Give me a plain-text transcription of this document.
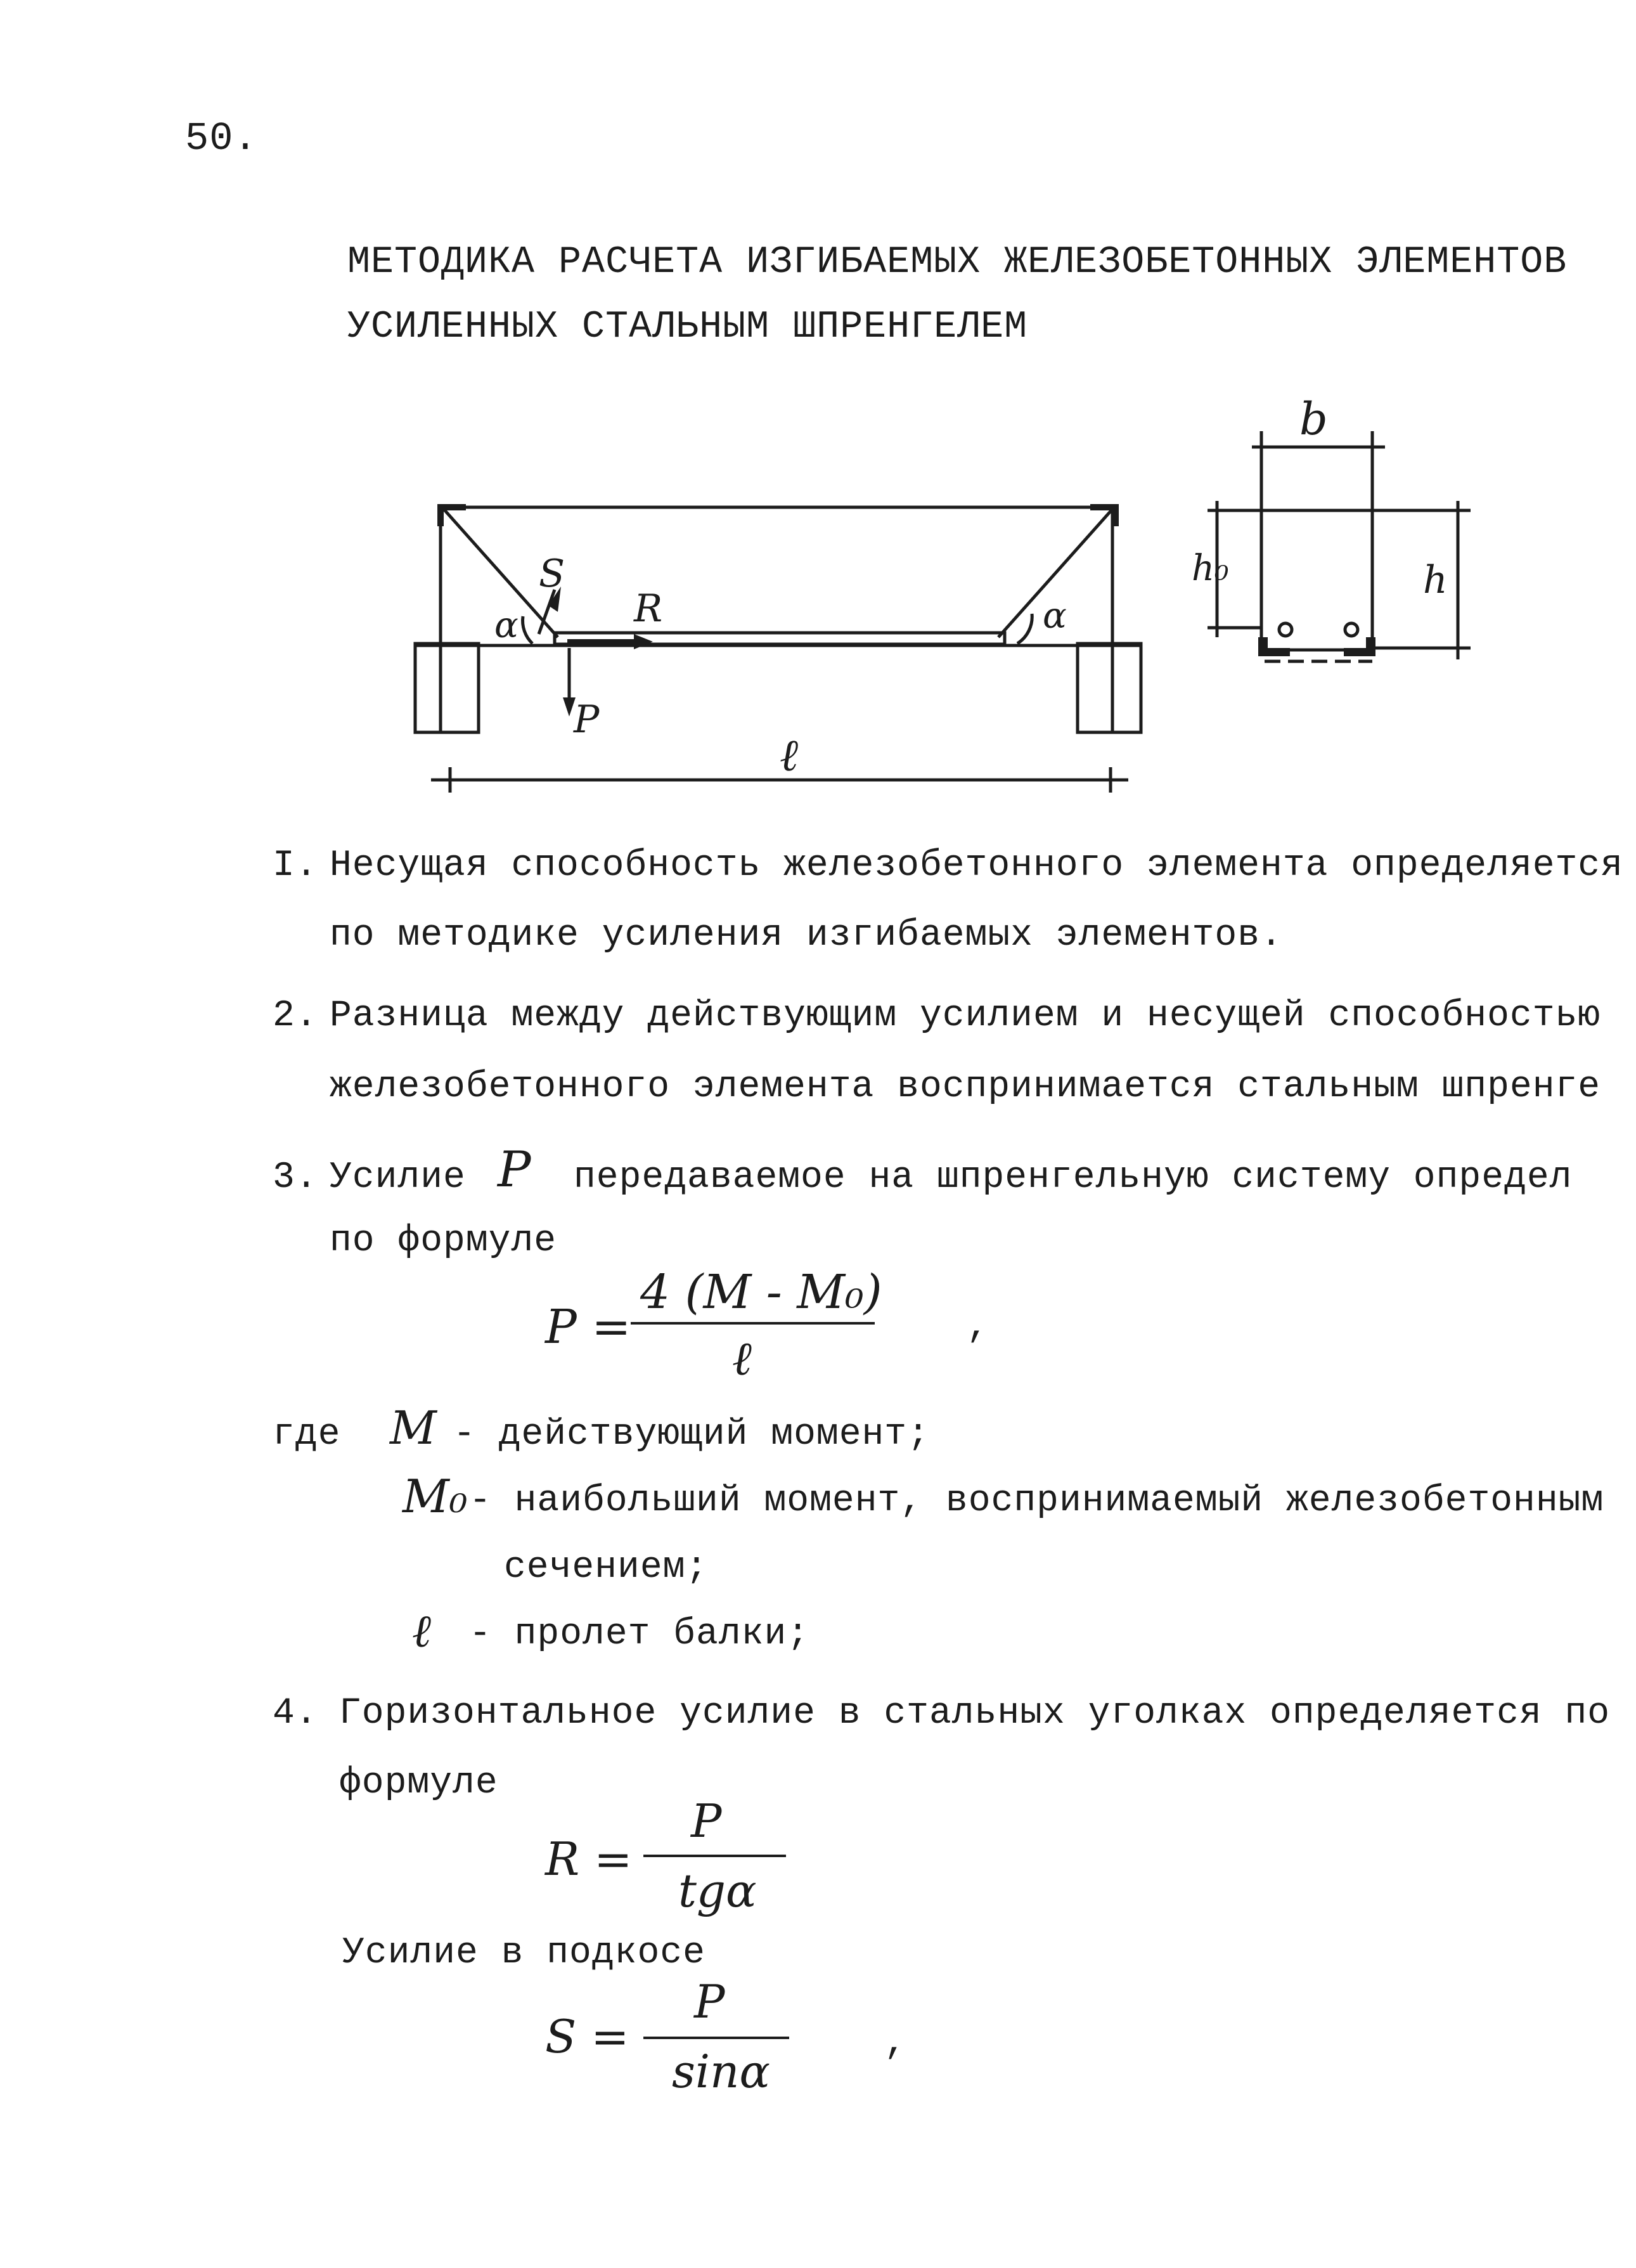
50.
МЕТОДИКА РАСЧЕТА ИЗГИБАЕМЫХ ЖЕЛЕЗОБЕТОННЫХ ЭЛЕМЕНТОВ
УСИЛЕННЫХ СТАЛЬНЫМ ШПРЕНГЕЛЕМ
S
R
P
α	α
ℓ
b
h₀	h
I. Несущая способность железобетонного элемента определяется
по методике усиления изгибаемых элементов.
2. Разница между действующим усилием и несущей способностью
железобетонного элемента воспринимается стальным шпренге
3. Усилие P передаваемое на шпренгельную систему определ
по формуле
P =
4 (M - M₀)
ℓ
,
где M - действующий момент;
M₀ - наибольший момент, воспринимаемый железобетонным
сечением;
ℓ - пролет балки;
4. Горизонтальное усилие в стальных уголках определяется по
формуле
R =
P
tgα
Усилие в подкосе
S =
P
sinα
,
